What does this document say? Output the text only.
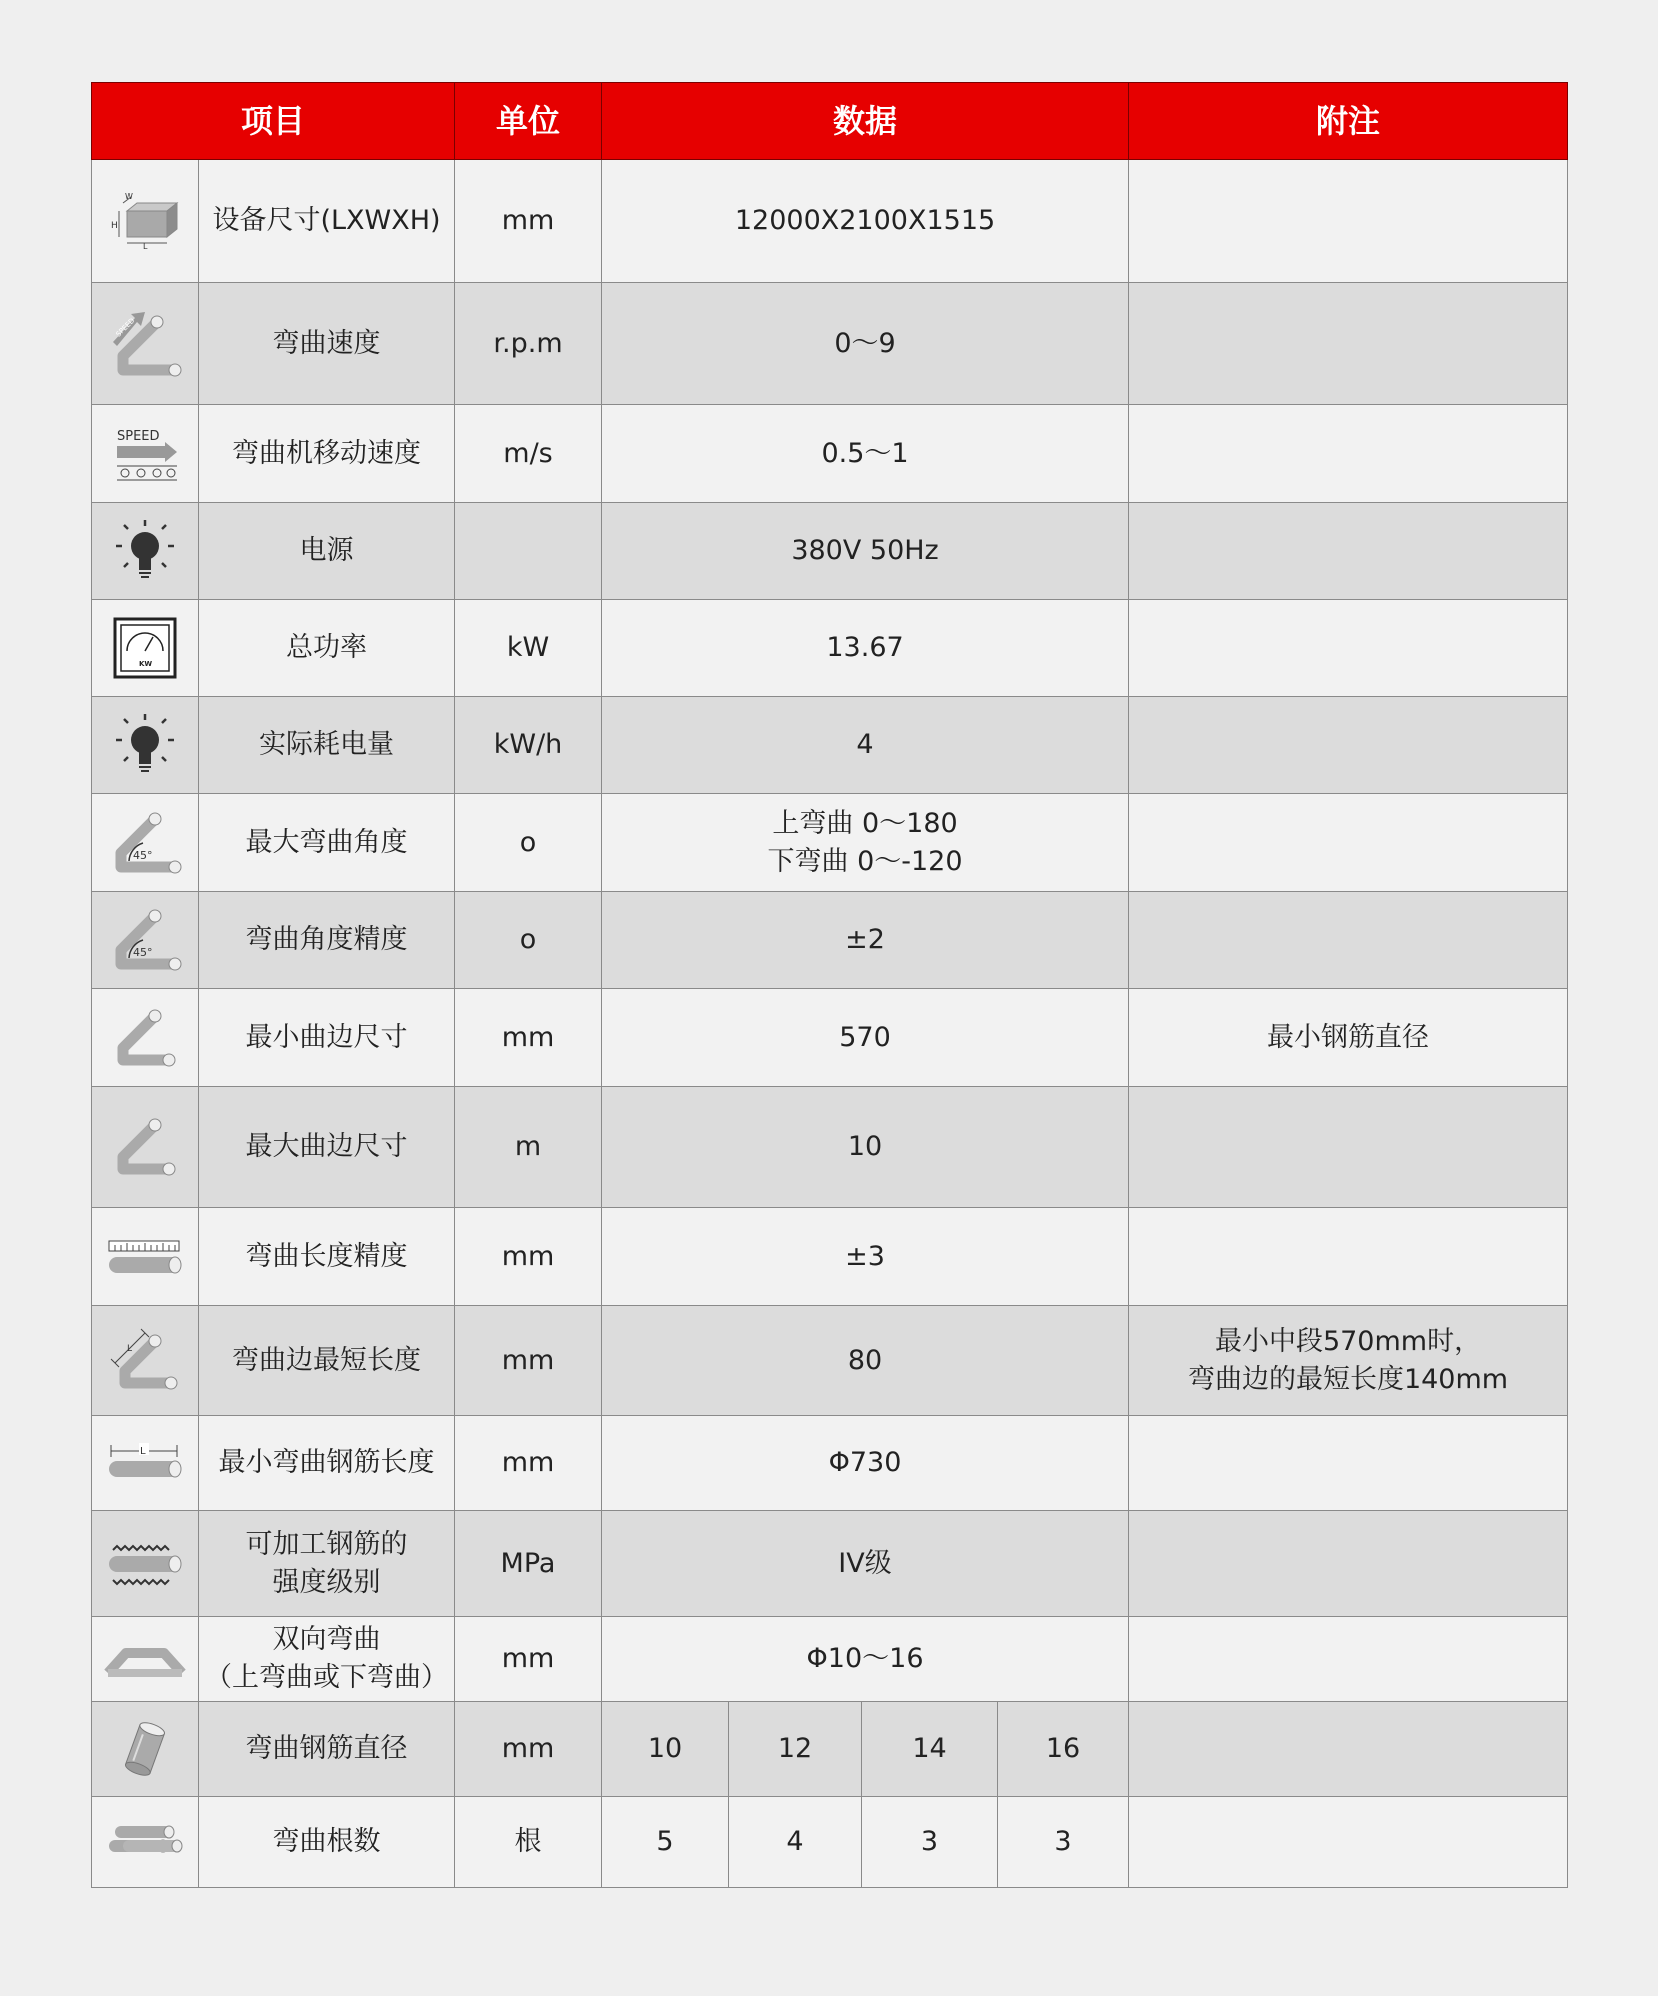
项目		单位	数据				附注

H
L
W	设备尺寸(LXWXH)	mm	12000X2100X1515				

SPEED	弯曲速度	r.p.m	0～9				

SPEED	弯曲机移动速度	m/s	0.5～1				

	电源		380V 50Hz				

KW	总功率	kW	13.67				

	实际耗电量	kW/h	4				

45°	最大弯曲角度	o	上弯曲 0～180
下弯曲 0～-120				

45°	弯曲角度精度	o	±2				

	最小曲边尺寸	mm	570				最小钢筋直径

	最大曲边尺寸	m	10				

	弯曲长度精度	mm	±3				

L	弯曲边最短长度	mm	80				最小中段570mm时，
弯曲边的最短长度140mm

L	最小弯曲钢筋长度	mm	Φ730				

可加工钢筋的
强度级别	MPa	IV级				

双向弯曲
（上弯曲或下弯曲）	mm	Φ10～16				

	弯曲钢筋直径	mm	10	12	14	16	

	弯曲根数	根	5	4	3	3	
